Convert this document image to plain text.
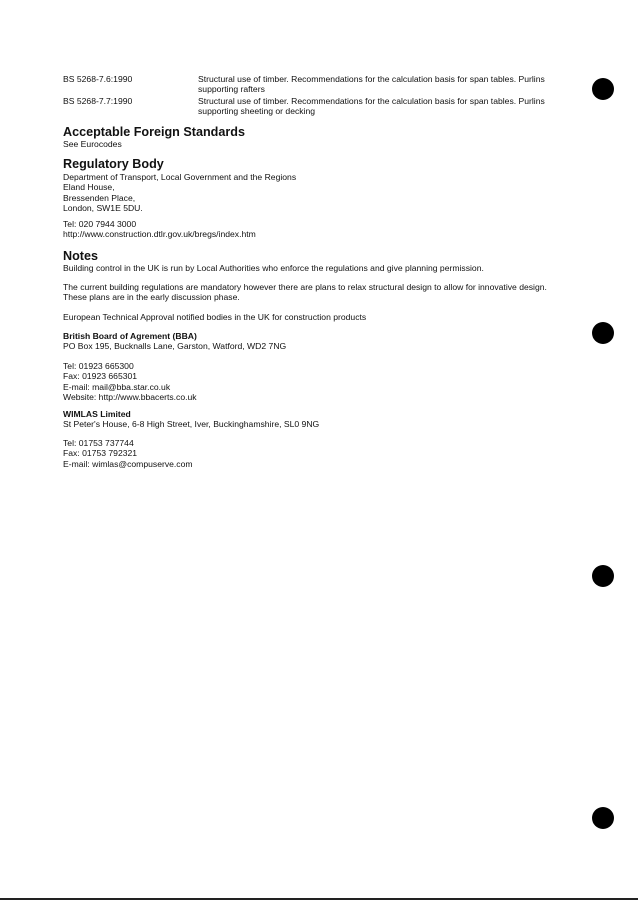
BS 5268-7.6:1990	Structural use of timber. Recommendations for the calculation basis for span tables. Purlins
supporting rafters
BS 5268-7.7:1990	Structural use of timber. Recommendations for the calculation basis for span tables. Purlins
supporting sheeting or decking
Acceptable Foreign Standards
See Eurocodes
Regulatory Body
Department of Transport, Local Government and the Regions
Eland House,
Bressenden Place,
London, SW1E 5DU.
Tel: 020 7944 3000
http://www.construction.dtlr.gov.uk/bregs/index.htm
Notes
Building control in the UK is run by Local Authorities who enforce the regulations and give planning permission.
The current building regulations are mandatory however there are plans to relax structural design to allow for innovative design.
These plans are in the early discussion phase.
European Technical Approval notified bodies in the UK for construction products
British Board of Agrement (BBA)
PO Box 195, Bucknalls Lane, Garston, Watford, WD2 7NG
Tel: 01923 665300
Fax: 01923 665301
E-mail: mail@bba.star.co.uk
Website: http://www.bbacerts.co.uk
WIMLAS Limited
St Peter's House, 6-8 High Street, Iver, Buckinghamshire, SL0 9NG
Tel: 01753 737744
Fax: 01753 792321
E-mail: wimlas@compuserve.com
